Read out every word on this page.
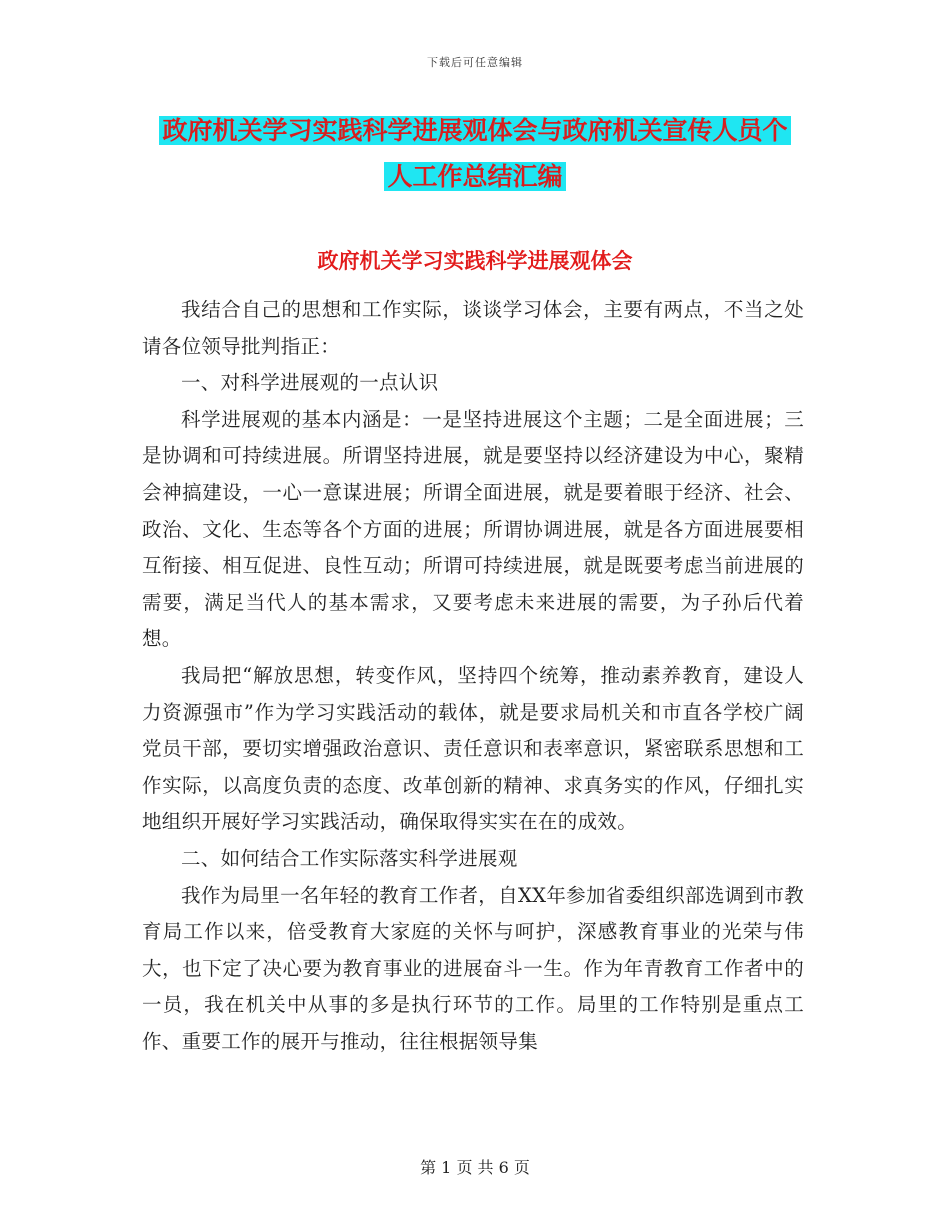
下载后可任意编辑
政府机关学习实践科学进展观体会与政府机关宣传人员个人工作总结汇编
政府机关学习实践科学进展观体会

我结合自己的思想和工作实际，谈谈学习体会，主要有两点，不当之处请各位领导批判指正：

一、对科学进展观的一点认识

科学进展观的基本内涵是：一是坚持进展这个主题；二是全面进展；三是协调和可持续进展。所谓坚持进展，就是要坚持以经济建设为中心，聚精会神搞建设，一心一意谋进展；所谓全面进展，就是要着眼于经济、社会、政治、文化、生态等各个方面的进展；所谓协调进展，就是各方面进展要相互衔接、相互促进、良性互动；所谓可持续进展，就是既要考虑当前进展的需要，满足当代人的基本需求，又要考虑未来进展的需要，为子孙后代着想。

我局把“解放思想，转变作风，坚持四个统筹，推动素养教育，建设人力资源强市”作为学习实践活动的载体，就是要求局机关和市直各学校广阔党员干部，要切实增强政治意识、责任意识和表率意识，紧密联系思想和工作实际，以高度负责的态度、改革创新的精神、求真务实的作风，仔细扎实地组织开展好学习实践活动，确保取得实实在在的成效。

二、如何结合工作实际落实科学进展观

我作为局里一名年轻的教育工作者，自XX年参加省委组织部选调到市教育局工作以来，倍受教育大家庭的关怀与呵护，深感教育事业的光荣与伟大，也下定了决心要为教育事业的进展奋斗一生。作为年青教育工作者中的一员，我在机关中从事的多是执行环节的工作。局里的工作特别是重点工作、重要工作的展开与推动，往往根据领导集

第 1 页 共 6 页
